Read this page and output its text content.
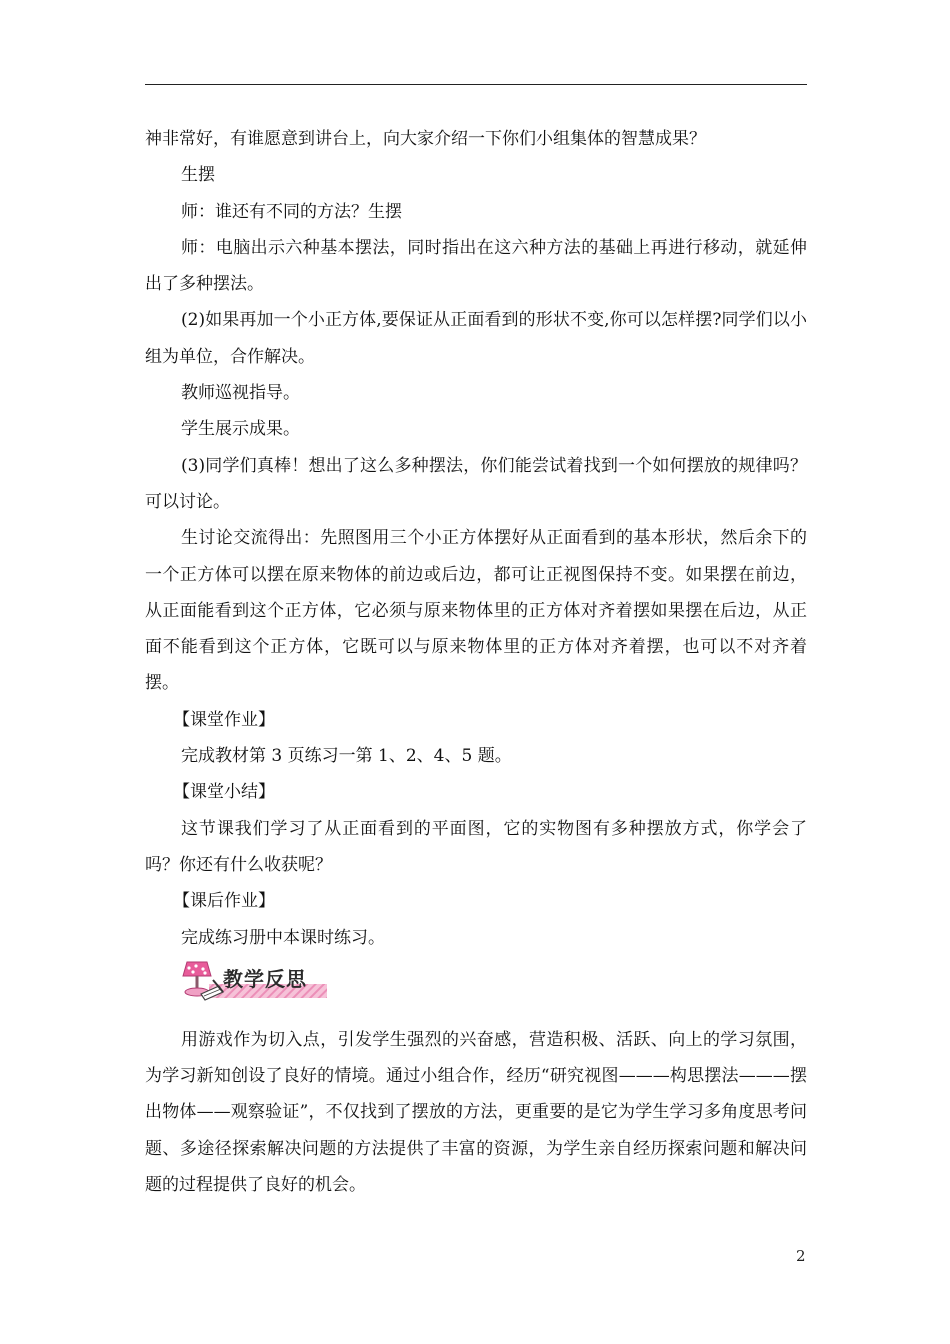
神非常好，有谁愿意到讲台上，向大家介绍一下你们小组集体的智慧成果？

生摆

师：谁还有不同的方法？生摆

师：电脑出示六种基本摆法，同时指出在这六种方法的基础上再进行移动，就延伸出了多种摆法。

(2)如果再加一个小正方体,要保证从正面看到的形状不变,你可以怎样摆?同学们以小组为单位，合作解决。

教师巡视指导。

学生展示成果。

(3)同学们真棒！想出了这么多种摆法，你们能尝试着找到一个如何摆放的规律吗？可以讨论。

生讨论交流得出：先照图用三个小正方体摆好从正面看到的基本形状，然后余下的一个正方体可以摆在原来物体的前边或后边，都可让正视图保持不变。如果摆在前边，从正面能看到这个正方体，它必须与原来物体里的正方体对齐着摆如果摆在后边，从正面不能看到这个正方体，它既可以与原来物体里的正方体对齐着摆，也可以不对齐着摆。

【课堂作业】

完成教材第 3 页练习一第 1、2、4、5 题。

【课堂小结】

这节课我们学习了从正面看到的平面图，它的实物图有多种摆放方式，你学会了吗？你还有什么收获呢？

【课后作业】

完成练习册中本课时练习。

教学反思

用游戏作为切入点，引发学生强烈的兴奋感，营造积极、活跃、向上的学习氛围，为学习新知创设了良好的情境。通过小组合作，经历“研究视图———构思摆法———摆出物体——观察验证”，不仅找到了摆放的方法，更重要的是它为学生学习多角度思考问题、多途径探索解决问题的方法提供了丰富的资源，为学生亲自经历探索问题和解决问题的过程提供了良好的机会。

2
